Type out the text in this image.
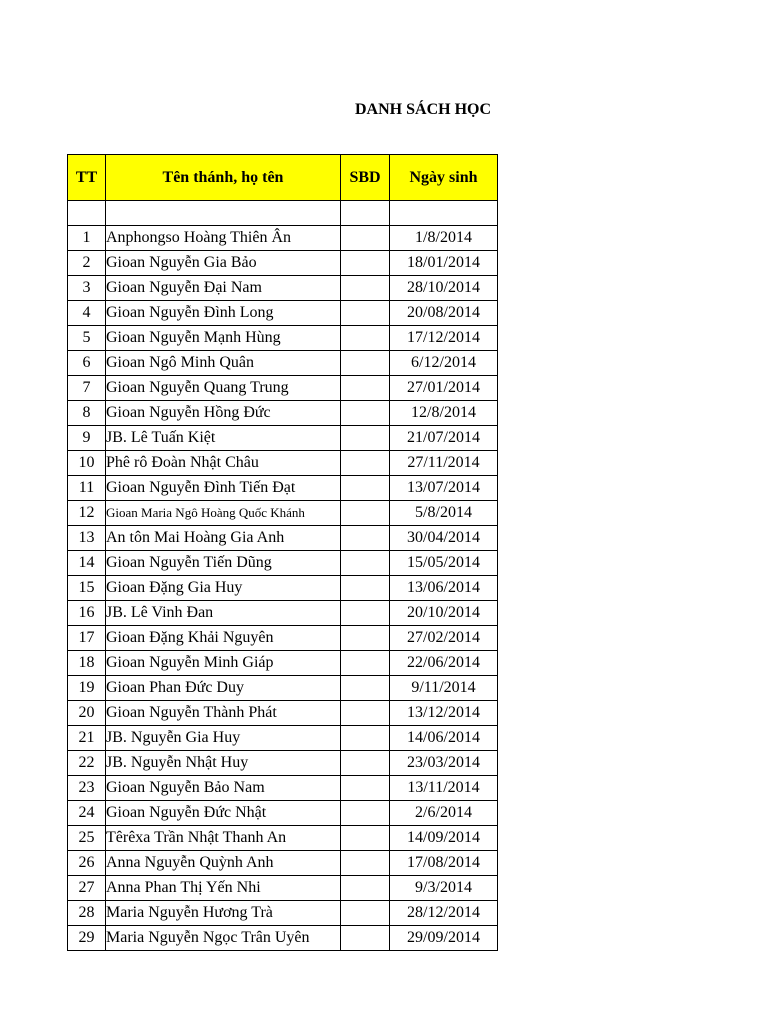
DANH SÁCH HỌC
TT	Tên thánh, họ tên	SBD	Ngày sinh

1	Anphongso Hoàng Thiên Ân		1/8/2014
2	Gioan Nguyễn Gia Bảo		18/01/2014
3	Gioan Nguyễn Đại Nam		28/10/2014
4	Gioan Nguyễn Đình Long		20/08/2014
5	Gioan Nguyễn Mạnh Hùng		17/12/2014
6	Gioan Ngô Minh Quân		6/12/2014
7	Gioan Nguyễn Quang Trung		27/01/2014
8	Gioan Nguyễn Hồng Đức		12/8/2014
9	JB. Lê Tuấn Kiệt		21/07/2014
10	Phê rô Đoàn Nhật Châu		27/11/2014
11	Gioan Nguyễn Đình Tiến Đạt		13/07/2014
12	Gioan Maria Ngô Hoàng Quốc Khánh		5/8/2014
13	An tôn Mai Hoàng Gia Anh		30/04/2014
14	Gioan Nguyễn Tiến Dũng		15/05/2014
15	Gioan Đặng Gia Huy		13/06/2014
16	JB. Lê Vinh Đan		20/10/2014
17	Gioan Đặng Khải Nguyên		27/02/2014
18	Gioan Nguyễn Minh Giáp		22/06/2014
19	Gioan Phan Đức Duy		9/11/2014
20	Gioan Nguyễn Thành Phát		13/12/2014
21	JB. Nguyễn Gia Huy		14/06/2014
22	JB. Nguyễn Nhật Huy		23/03/2014
23	Gioan Nguyễn Bảo Nam		13/11/2014
24	Gioan Nguyễn Đức Nhật		2/6/2014
25	Têrêxa Trần Nhật Thanh An		14/09/2014
26	Anna Nguyễn Quỳnh Anh		17/08/2014
27	Anna Phan Thị Yến Nhi		9/3/2014
28	Maria Nguyễn Hương Trà		28/12/2014
29	Maria Nguyễn Ngọc Trân Uyên		29/09/2014
